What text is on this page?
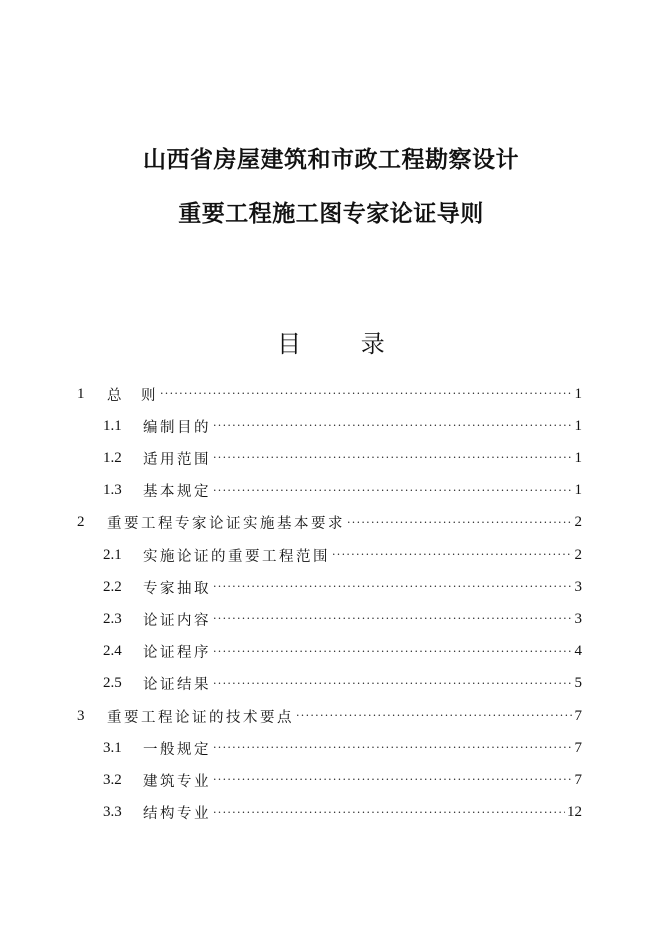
山西省房屋建筑和市政工程勘察设计
重要工程施工图专家论证导则
目 录
1	总　则 ·····	1
1.1	编制目的 ·····	1
1.2	适用范围 ·····	1
1.3	基本规定 ·····	1
2	重要工程专家论证实施基本要求 ·····	2
2.1	实施论证的重要工程范围 ·····	2
2.2	专家抽取 ·····	3
2.3	论证内容 ·····	3
2.4	论证程序 ·····	4
2.5	论证结果 ·····	5
3	重要工程论证的技术要点 ·····	7
3.1	一般规定 ·····	7
3.2	建筑专业 ·····	7
3.3	结构专业 ·····	12
